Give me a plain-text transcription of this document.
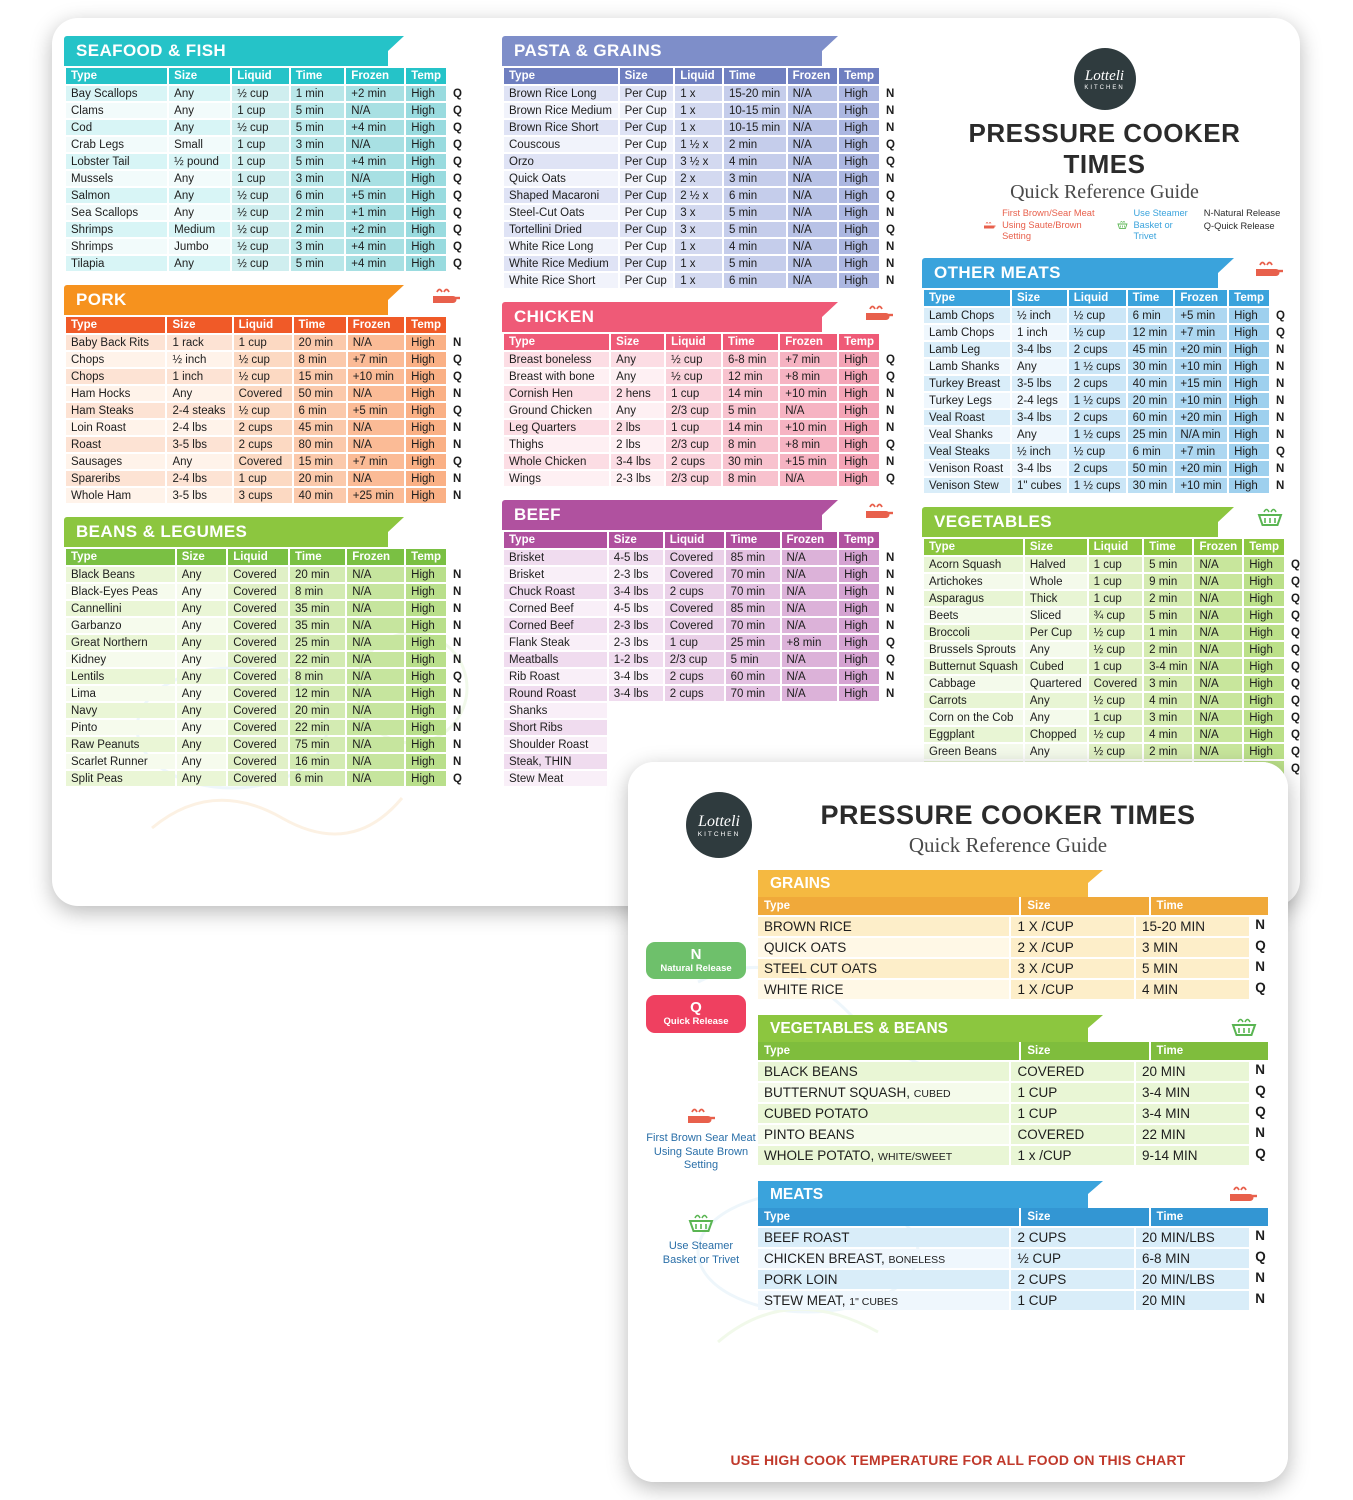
Lotteli
KITCHEN
PRESSURE COOKER TIMES
Quick Reference Guide
First Brown/Sear Meat Using Saute/Brown Setting
Use Steamer Basket or Trivet
N-Natural Release
Q-Quick Release
SEAFOOD & FISH
Type	Size	Liquid	Time	Frozen	Temp	
Bay Scallops	Any	½ cup	1 min	+2 min	High	Q
Clams	Any	1 cup	5 min	N/A	High	Q
Cod	Any	½ cup	5 min	+4 min	High	Q
Crab Legs	Small	1 cup	3 min	N/A	High	Q
Lobster Tail	½ pound	1 cup	5 min	+4 min	High	Q
Mussels	Any	1 cup	3 min	N/A	High	Q
Salmon	Any	½ cup	6 min	+5 min	High	Q
Sea Scallops	Any	½ cup	2 min	+1 min	High	Q
Shrimps	Medium	½ cup	2 min	+2 min	High	Q
Shrimps	Jumbo	½ cup	3 min	+4 min	High	Q
Tilapia	Any	½ cup	5 min	+4 min	High	Q
PORK
Type	Size	Liquid	Time	Frozen	Temp	
Baby Back Rits	1 rack	1 cup	20 min	N/A	High	N
Chops	½ inch	½ cup	8 min	+7 min	High	Q
Chops	1 inch	½ cup	15 min	+10 min	High	Q
Ham Hocks	Any	Covered	50 min	N/A	High	N
Ham Steaks	2-4 steaks	½ cup	6 min	+5 min	High	Q
Loin Roast	2-4 lbs	2 cups	45 min	N/A	High	N
Roast	3-5 lbs	2 cups	80 min	N/A	High	N
Sausages	Any	Covered	15 min	+7 min	High	Q
Spareribs	2-4 lbs	1 cup	20 min	N/A	High	N
Whole Ham	3-5 lbs	3 cups	40 min	+25 min	High	N
BEANS & LEGUMES
Type	Size	Liquid	Time	Frozen	Temp	
Black Beans	Any	Covered	20 min	N/A	High	N
Black-Eyes Peas	Any	Covered	8 min	N/A	High	N
Cannellini	Any	Covered	35 min	N/A	High	N
Garbanzo	Any	Covered	35 min	N/A	High	N
Great Northern	Any	Covered	25 min	N/A	High	N
Kidney	Any	Covered	22 min	N/A	High	N
Lentils	Any	Covered	8 min	N/A	High	Q
Lima	Any	Covered	12 min	N/A	High	N
Navy	Any	Covered	20 min	N/A	High	N
Pinto	Any	Covered	22 min	N/A	High	N
Raw Peanuts	Any	Covered	75 min	N/A	High	N
Scarlet Runner	Any	Covered	16 min	N/A	High	N
Split Peas	Any	Covered	6 min	N/A	High	Q
PASTA & GRAINS
Type	Size	Liquid	Time	Frozen	Temp	
Brown Rice Long	Per Cup	1 x	15-20 min	N/A	High	N
Brown Rice Medium	Per Cup	1 x	10-15 min	N/A	High	N
Brown Rice Short	Per Cup	1 x	10-15 min	N/A	High	N
Couscous	Per Cup	1 ½ x	2 min	N/A	High	Q
Orzo	Per Cup	3 ½ x	4 min	N/A	High	Q
Quick Oats	Per Cup	2 x	3 min	N/A	High	N
Shaped Macaroni	Per Cup	2 ½ x	6 min	N/A	High	Q
Steel-Cut Oats	Per Cup	3 x	5 min	N/A	High	N
Tortellini Dried	Per Cup	3 x	5 min	N/A	High	Q
White Rice Long	Per Cup	1 x	4 min	N/A	High	N
White Rice Medium	Per Cup	1 x	5 min	N/A	High	N
White Rice Short	Per Cup	1 x	6 min	N/A	High	N
CHICKEN
Type	Size	Liquid	Time	Frozen	Temp	
Breast boneless	Any	½ cup	6-8 min	+7 min	High	Q
Breast with bone	Any	½ cup	12 min	+8 min	High	Q
Cornish Hen	2 hens	1 cup	14 min	+10 min	High	N
Ground Chicken	Any	2/3 cup	5 min	N/A	High	N
Leg Quarters	2 lbs	1 cup	14 min	+10 min	High	N
Thighs	2 lbs	2/3 cup	8 min	+8 min	High	Q
Whole Chicken	3-4 lbs	2 cups	30 min	+15 min	High	N
Wings	2-3 lbs	2/3 cup	8 min	N/A	High	Q
BEEF
Type	Size	Liquid	Time	Frozen	Temp	
Brisket	4-5 lbs	Covered	85 min	N/A	High	N
Brisket	2-3 lbs	Covered	70 min	N/A	High	N
Chuck Roast	3-4 lbs	2 cups	70 min	N/A	High	N
Corned Beef	4-5 lbs	Covered	85 min	N/A	High	N
Corned Beef	2-3 lbs	Covered	70 min	N/A	High	N
Flank Steak	2-3 lbs	1 cup	25 min	+8 min	High	Q
Meatballs	1-2 lbs	2/3 cup	5 min	N/A	High	Q
Rib Roast	3-4 lbs	2 cups	60 min	N/A	High	N
Round Roast	3-4 lbs	2 cups	70 min	N/A	High	N
Shanks						
Short Ribs						
Shoulder Roast						
Steak, THIN						
Stew Meat						
OTHER MEATS
Type	Size	Liquid	Time	Frozen	Temp	
Lamb Chops	½ inch	½ cup	6 min	+5 min	High	Q
Lamb Chops	1 inch	½ cup	12 min	+7 min	High	Q
Lamb Leg	3-4 lbs	2 cups	45 min	+20 min	High	N
Lamb Shanks	Any	1 ½ cups	30 min	+10 min	High	N
Turkey Breast	3-5 lbs	2 cups	40 min	+15 min	High	N
Turkey Legs	2-4 legs	1 ½ cups	20 min	+10 min	High	N
Veal Roast	3-4 lbs	2 cups	60 min	+20 min	High	N
Veal Shanks	Any	1 ½ cups	25 min	N/A min	High	N
Veal Steaks	½ inch	½ cup	6 min	+7 min	High	Q
Venison Roast	3-4 lbs	2 cups	50 min	+20 min	High	N
Venison Stew	1" cubes	1 ½ cups	30 min	+10 min	High	N
VEGETABLES
Type	Size	Liquid	Time	Frozen	Temp	
Acorn Squash	Halved	1 cup	5 min	N/A	High	Q
Artichokes	Whole	1 cup	9 min	N/A	High	Q
Asparagus	Thick	1 cup	2 min	N/A	High	Q
Beets	Sliced	¾ cup	5 min	N/A	High	Q
Broccoli	Per Cup	½ cup	1 min	N/A	High	Q
Brussels Sprouts	Any	½ cup	2 min	N/A	High	Q
Butternut Squash	Cubed	1 cup	3-4 min	N/A	High	Q
Cabbage	Quartered	Covered	3 min	N/A	High	Q
Carrots	Any	½ cup	4 min	N/A	High	Q
Corn on the Cob	Any	1 cup	3 min	N/A	High	Q
Eggplant	Chopped	½ cup	4 min	N/A	High	Q
Green Beans	Any	½ cup	2 min	N/A	High	Q
						Q
Lotteli
KITCHEN
PRESSURE COOKER TIMES
Quick Reference Guide
N
Natural Release
Q
Quick Release
First Brown Sear Meat
Using Saute Brown Setting
Use Steamer
Basket or Trivet
GRAINS
Type	Size	Time
BROWN RICE	1 X /CUP	15-20 MIN	N
QUICK OATS	2 X /CUP	3 MIN	Q
STEEL CUT OATS	3 X /CUP	5 MIN	N
WHITE RICE	1 X /CUP	4 MIN	Q
VEGETABLES & BEANS
Type	Size	Time
BLACK BEANS	COVERED	20 MIN	N
BUTTERNUT SQUASH, CUBED	1 CUP	3-4 MIN	Q
CUBED POTATO	1 CUP	3-4 MIN	Q
PINTO BEANS	COVERED	22 MIN	N
WHOLE POTATO, WHITE/SWEET	1 x /CUP	9-14 MIN	Q
MEATS
Type	Size	Time
BEEF ROAST	2 CUPS	20 MIN/LBS	N
CHICKEN BREAST, BONELESS	½ CUP	6-8 MIN	Q
PORK LOIN	2 CUPS	20 MIN/LBS	N
STEW MEAT, 1" CUBES	1 CUP	20 MIN	N
USE HIGH COOK TEMPERATURE FOR ALL FOOD ON THIS CHART
